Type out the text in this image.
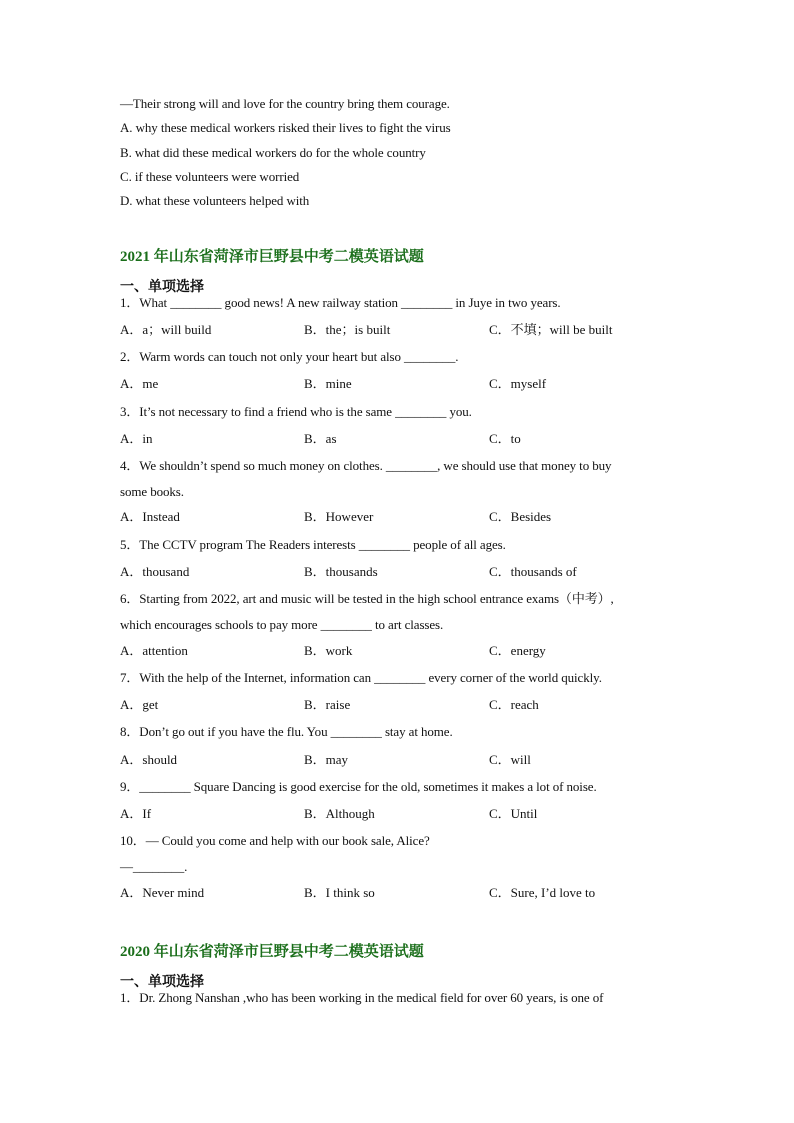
—Their strong will and love for the country bring them courage.
A. why these medical workers risked their lives to fight the virus
B. what did these medical workers do for the whole country
C. if these volunteers were worried
D. what these volunteers helped with
2021 年山东省菏泽市巨野县中考二模英语试题
一、单项选择
1．What ________ good news! A new railway station ________ in Juye in two years.
A．a；will build	B．the；is built	C．不填；will be built
2．Warm words can touch not only your heart but also ________.
A．me	B．mine	C．myself
3．It’s not necessary to find a friend who is the same ________ you.
A．in	B．as	C．to
4．We shouldn’t spend so much money on clothes. ________, we should use that money to buy
some books.
A．Instead	B．However	C．Besides
5．The CCTV program The Readers interests ________ people of all ages.
A．thousand	B．thousands	C．thousands of
6．Starting from 2022, art and music will be tested in the high school entrance exams（中考）,
which encourages schools to pay more ________ to art classes.
A．attention	B．work	C．energy
7．With the help of the Internet, information can ________ every corner of the world quickly.
A．get	B．raise	C．reach
8．Don’t go out if you have the flu. You ________ stay at home.
A．should	B．may	C．will
9．________ Square Dancing is good exercise for the old, sometimes it makes a lot of noise.
A．If	B．Although	C．Until
10．— Could you come and help with our book sale, Alice?
—________.
A．Never mind	B．I think so	C．Sure, I’d love to
2020 年山东省菏泽市巨野县中考二模英语试题
一、单项选择
1．Dr. Zhong Nanshan ,who has been working in the medical field for over 60 years, is one of
